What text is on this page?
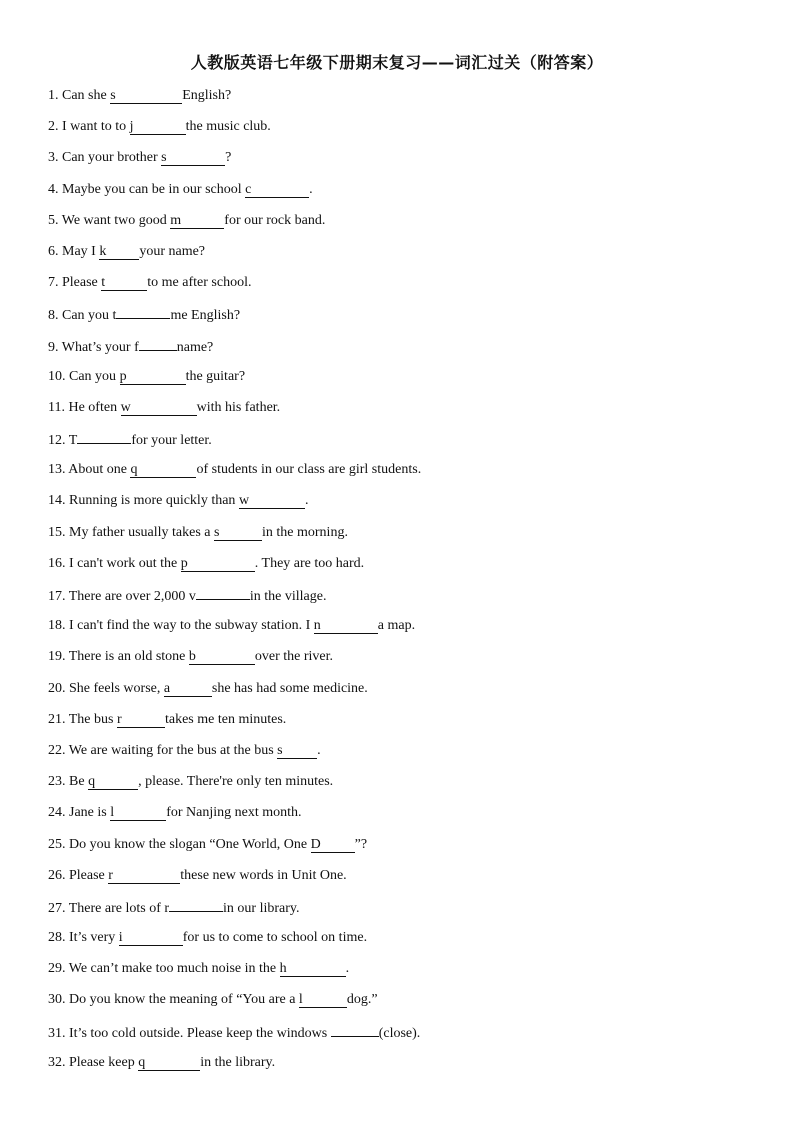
人教版英语七年级下册期末复习——词汇过关（附答案）
1. Can she s	English?
2. I want to to j	the music club.
3. Can your brother s	?
4. Maybe you can be in our school c	.
5. We want two good m	for our rock band.
6. May I k your name?
7. Please t	to me after school.
8. Can you t	me English?
9. What’s your f	name?
10. Can you p	the guitar?
11. He often w	with his father.
12. T	for your letter.
13. About one q	of students in our class are girl students.
14. Running is more quickly than w	.
15. My father usually takes a s	in the morning.
16. I can't work out the p	. They are too hard.
17. There are over 2,000 v	in the village.
18. I can't find the way to the subway station. I n	a map.
19. There is an old stone b	over the river.
20. She feels worse, a	she has had some medicine.
21. The bus r	takes me ten minutes.
22. We are waiting for the bus at the bus s .
23. Be q	, please. There're only ten minutes.
24. Jane is l	for Nanjing next month.
25. Do you know the slogan “One World, One D ”?
26. Please r	these new words in Unit One.
27. There are lots of r	in our library.
28. It’s very i	for us to come to school on time.
29. We can’t make too much noise in the h	.
30. Do you know the meaning of “You are a l	dog.”
31. It’s too cold outside. Please keep the windows	(close).
32. Please keep q	in the library.
